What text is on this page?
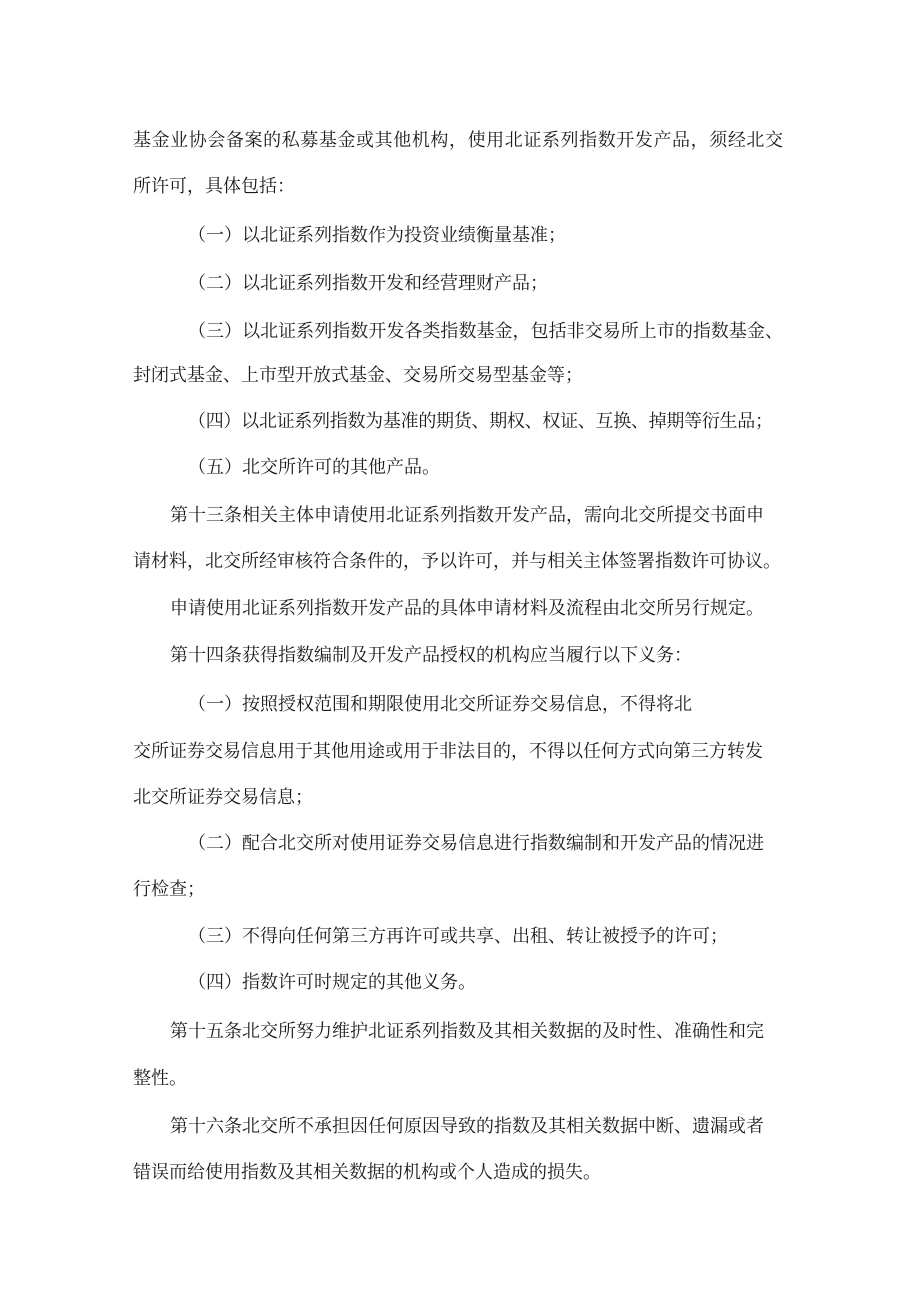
基金业协会备案的私募基金或其他机构，使用北证系列指数开发产品，须经北交
所许可，具体包括：
（一）以北证系列指数作为投资业绩衡量基准；
（二）以北证系列指数开发和经营理财产品；
（三）以北证系列指数开发各类指数基金，包括非交易所上市的指数基金、
封闭式基金、上市型开放式基金、交易所交易型基金等；
（四）以北证系列指数为基准的期货、期权、权证、互换、掉期等衍生品；
（五）北交所许可的其他产品。
第十三条相关主体申请使用北证系列指数开发产品，需向北交所提交书面申
请材料，北交所经审核符合条件的，予以许可，并与相关主体签署指数许可协议。
申请使用北证系列指数开发产品的具体申请材料及流程由北交所另行规定。
第十四条获得指数编制及开发产品授权的机构应当履行以下义务：
（一）按照授权范围和期限使用北交所证券交易信息，不得将北
交所证券交易信息用于其他用途或用于非法目的，不得以任何方式向第三方转发
北交所证券交易信息；
（二）配合北交所对使用证券交易信息进行指数编制和开发产品的情况进
行检查；
（三）不得向任何第三方再许可或共享、出租、转让被授予的许可；
（四）指数许可时规定的其他义务。
第十五条北交所努力维护北证系列指数及其相关数据的及时性、准确性和完
整性。
第十六条北交所不承担因任何原因导致的指数及其相关数据中断、遗漏或者
错误而给使用指数及其相关数据的机构或个人造成的损失。
